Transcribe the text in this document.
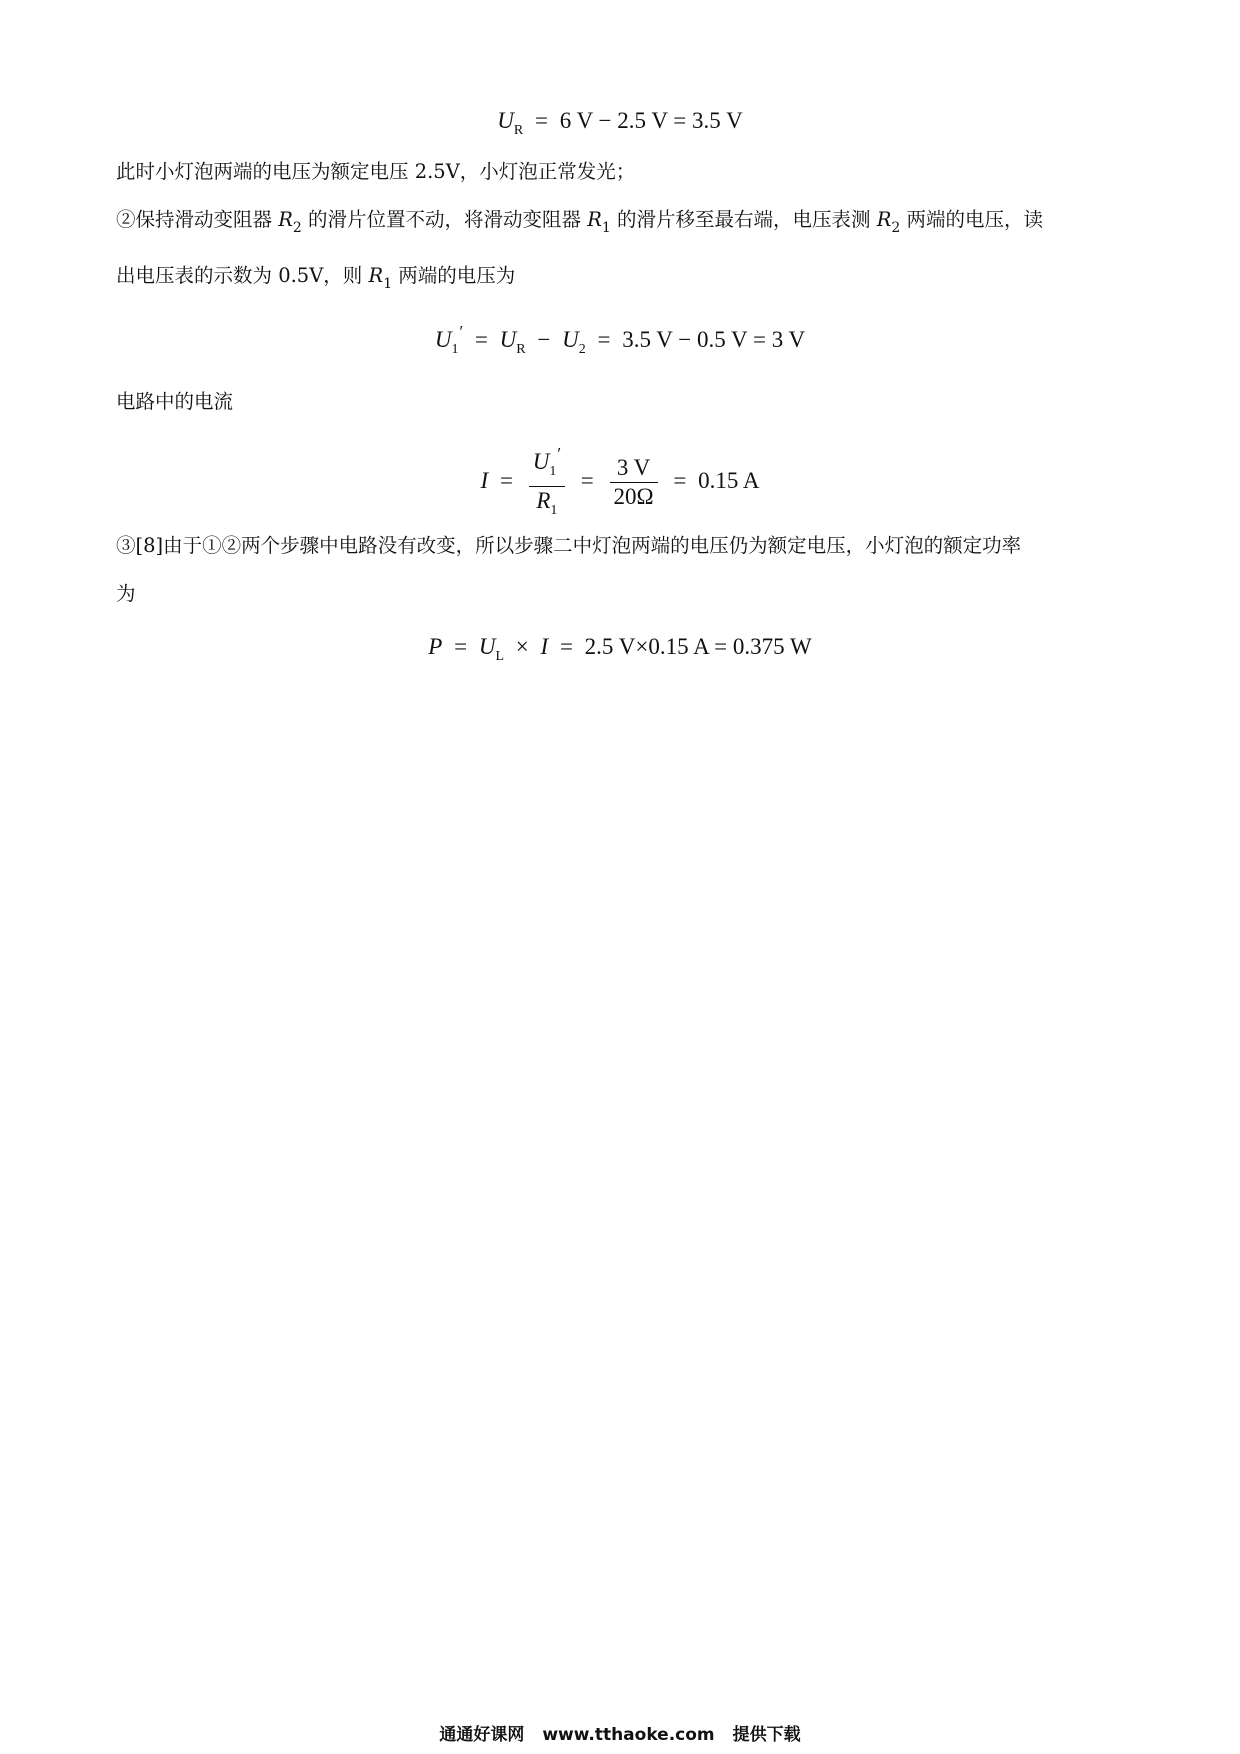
$U_R = 6$ V − 2.5 V = 3.5 V
此时小灯泡两端的电压为额定电压 2.5V，小灯泡正常发光；
②保持滑动变阻器 $R_2$ 的滑片位置不动，将滑动变阻器 $R_1$ 的滑片移至最右端，电压表测 $R_2$ 两端的电压，读
出电压表的示数为 0.5V，则 $R_1$ 两端的电压为
$U_1' = U_R - U_2 = 3.5$ V − 0.5 V = 3 V
电路中的电流
$I = \frac{U_1'}{R_1} = \frac{3 V}{20\Omega} = 0.15$ A
③[8]由于①②两个步骤中电路没有改变，所以步骤二中灯泡两端的电压仍为额定电压，小灯泡的额定功率
为
$P = U_L \times I = 2.5$ V×0.15 A = 0.375 W
通通好课网 www.tthaoke.com 提供下载
